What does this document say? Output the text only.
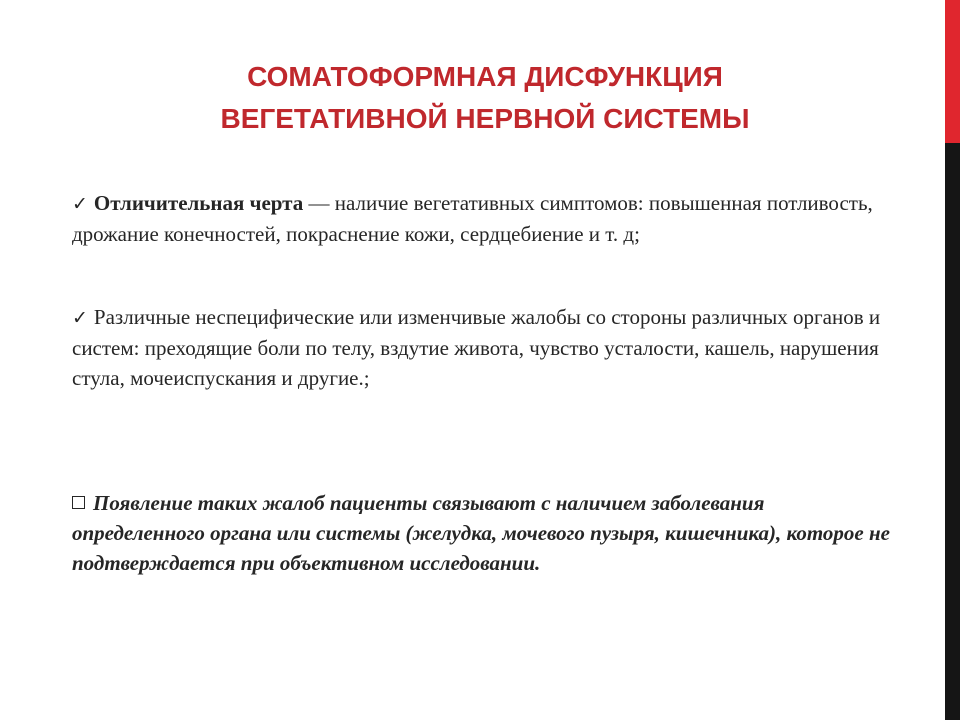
СОМАТОФОРМНАЯ ДИСФУНКЦИЯ
ВЕГЕТАТИВНОЙ НЕРВНОЙ СИСТЕМЫ

✓ Отличительная черта — наличие вегетативных симптомов: повышенная потливость, дрожание конечностей, покраснение кожи, сердцебиение и т. д;

✓ Различные неспецифические или изменчивые жалобы со стороны различных органов и систем: преходящие боли по телу, вздутие живота, чувство усталости, кашель, нарушения стула, мочеиспускания и другие.;

Появление таких жалоб пациенты связывают с наличием заболевания определенного органа или системы (желудка, мочевого пузыря, кишечника), которое не подтверждается при объективном исследовании.
